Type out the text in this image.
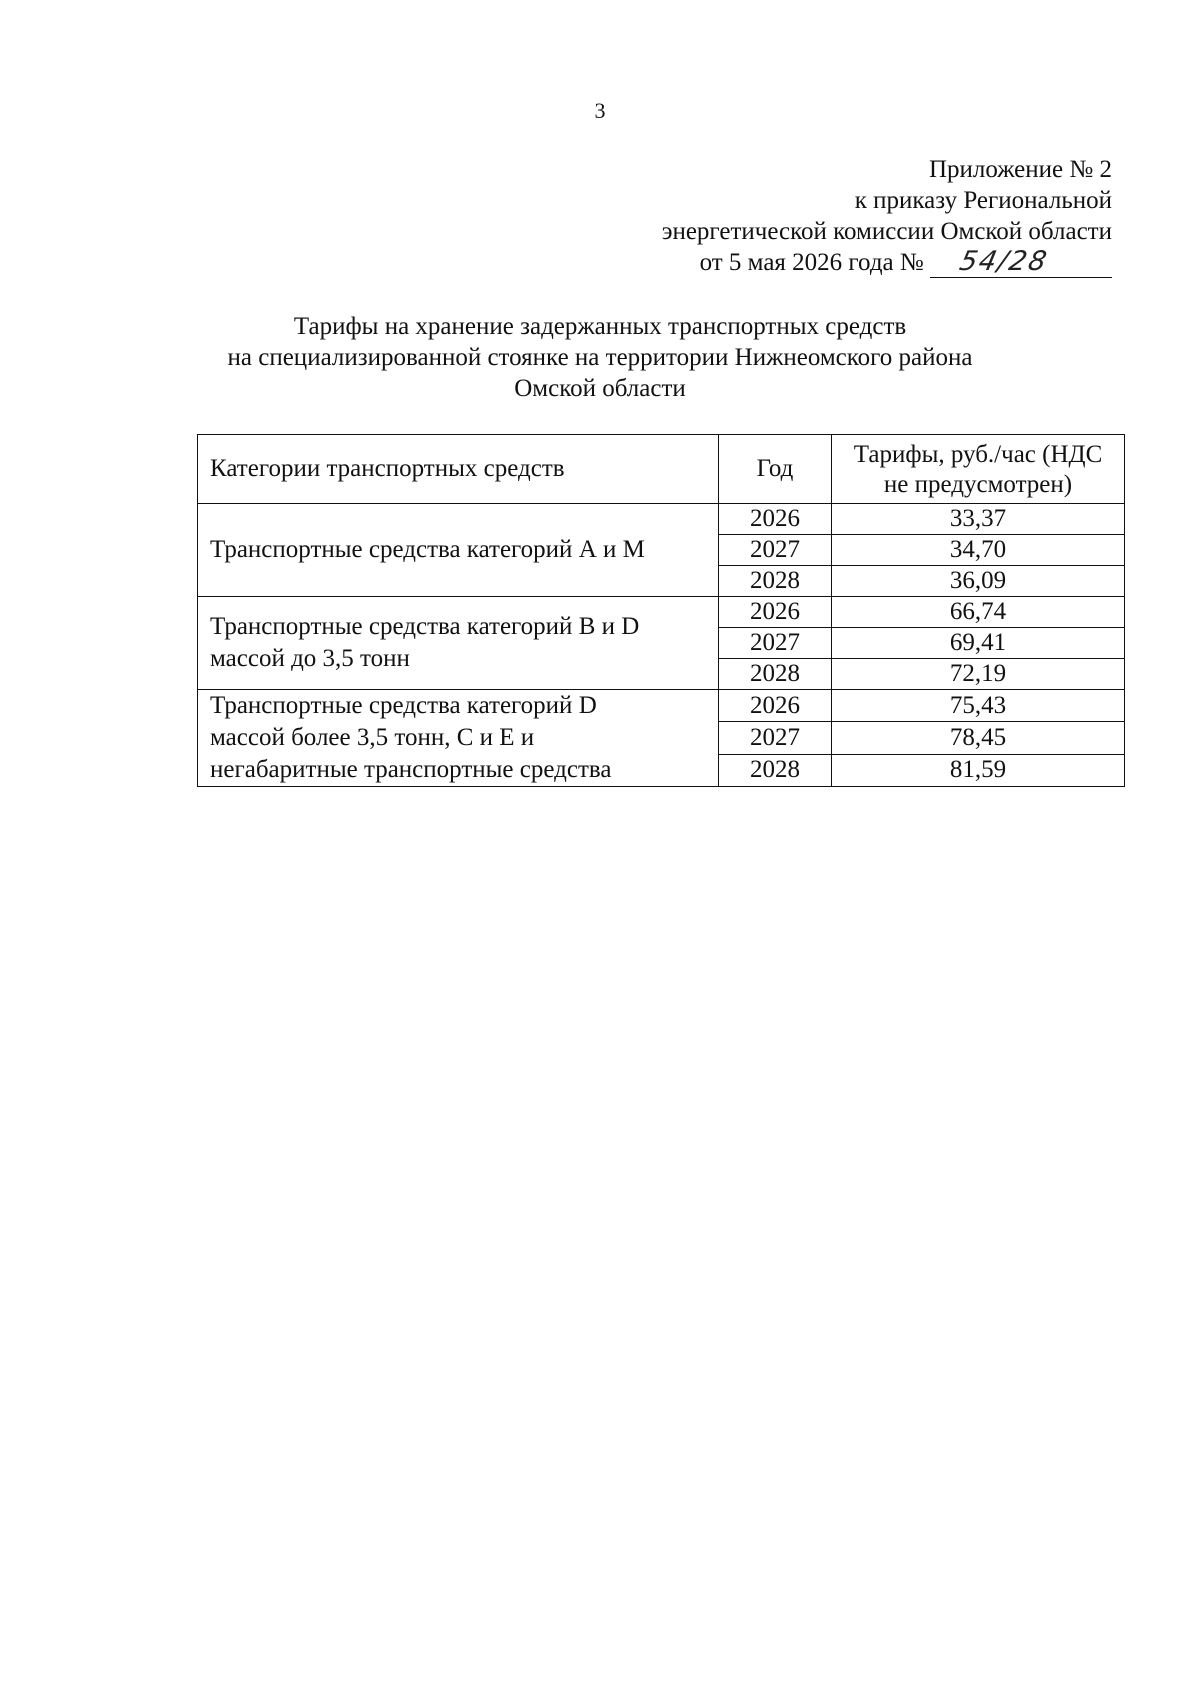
3
Приложение № 2
к приказу Региональной
энергетической комиссии Омской области
от 5 мая 2026 года № 54/28
Тарифы на хранение задержанных транспортных средств
на специализированной стоянке на территории Нижнеомского района
Омской области
Категории транспортных средств	Год	Тарифы, руб./час (НДС
не предусмотрен)

Транспортные средства категорий А и М	2026	33,37
	2027	34,70
	2028	36,09

Транспортные средства категорий В и D
массой до 3,5 тонн	2026	66,74
	2027	69,41
	2028	72,19

Транспортные средства категорий D
массой более 3,5 тонн, С и Е и
негабаритные транспортные средства	2026	75,43
	2027	78,45
	2028	81,59
